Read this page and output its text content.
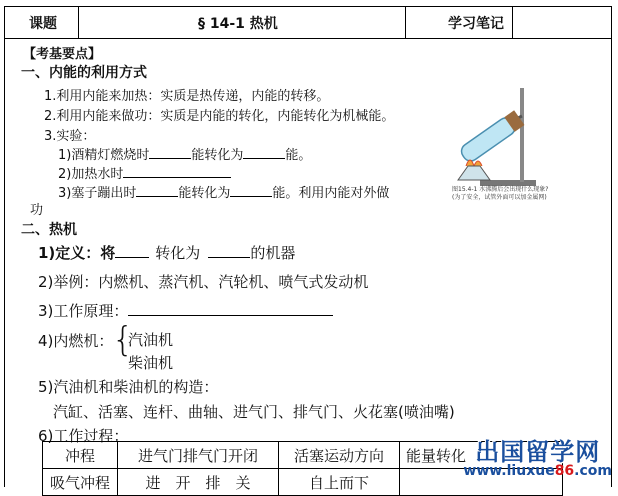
课题	§ 14-1 热机	学习笔记
【考基要点】
一、内能的利用方式
1.利用内能来加热：实质是热传递，内能的转移。
2.利用内能来做功：实质是内能的转化，内能转化为机械能。
3.实验：
1)酒精灯燃烧时	能转化为	能。
2)加热水时
3)塞子蹦出时	能转化为	能。利用内能对外做
功
图15.4-1 水沸腾后会出现什么现象?
(为了安全，试管外面可以加金属网)
二、热机
1)定义：将	转化为	的机器
2)举例：内燃机、蒸汽机、汽轮机、喷气式发动机
3)工作原理：
4)内燃机：
{
汽油机
柴油机
5)汽油机和柴油机的构造：
汽缸、活塞、连杆、曲轴、进气门、排气门、火花塞(喷油嘴)
6)工作过程：
冲程	进气门排气门开闭	活塞运动方向	能量转化
吸气冲程	进　开　排　关	自上而下	
出国留学网
www.liuxue86.com
